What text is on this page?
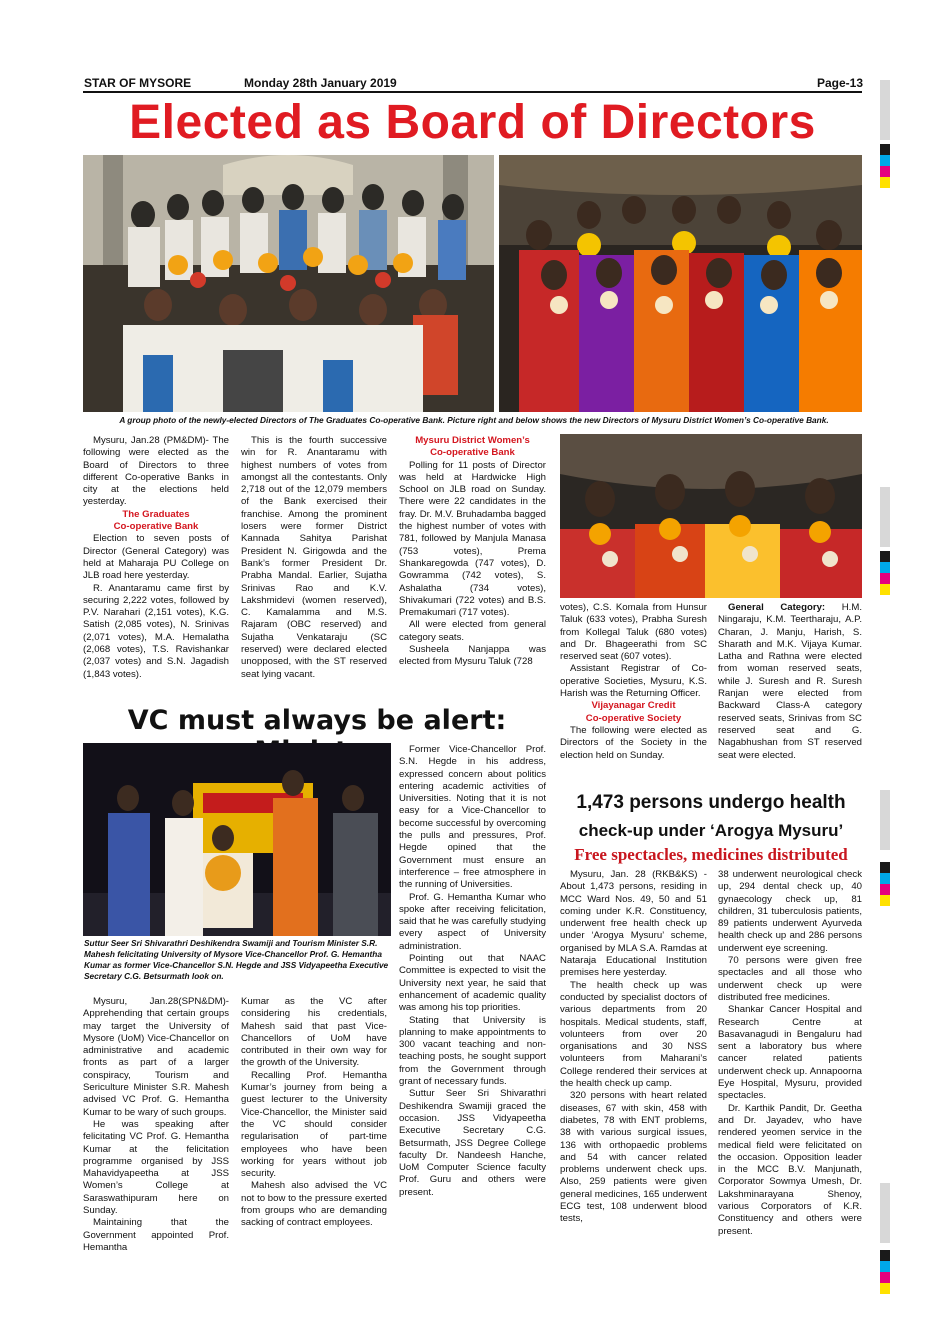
STAR OF MYSORE	Monday 28th January 2019	Page-13
Elected as Board of Directors
A group photo of the newly-elected Directors of The Graduates Co-operative Bank. Picture right and below shows the new Directors of Mysuru District Women’s Co-operative Bank.

Mysuru, Jan.28 (PM&DM)- The following were elected as the Board of Directors to three different Co-operative Banks in city at the elections held yesterday.

The Graduates

Co-operative Bank

Election to seven posts of Director (General Category) was held at Maharaja PU College on JLB road here yesterday.

R. Anantaramu came first by securing 2,222 votes, followed by P.V. Narahari (2,151 votes), K.G. Satish (2,085 votes), N. Srinivas (2,071 votes), M.A. Hemalatha (2,068 votes), T.S. Ravishankar (2,037 votes) and S.N. Jagadish (1,843 votes).

This is the fourth successive win for R. Anantaramu with highest numbers of votes from amongst all the contestants. Only 2,718 out of the 12,079 members of the Bank exercised their franchise. Among the prominent losers were former District Kannada Sahitya Parishat President N. Girigowda and the Bank’s former President Dr. Prabha Mandal. Earlier, Sujatha Srinivas Rao and K.V. Lakshmidevi (women reserved), C. Kamalamma and M.S. Rajaram (OBC reserved) and Sujatha Venkataraju (SC reserved) were declared elected unopposed, with the ST reserved seat lying vacant.

Mysuru District Women’s

Co-operative Bank

Polling for 11 posts of Director was held at Hardwicke High School on JLB road on Sunday. There were 22 candidates in the fray. Dr. M.V. Bruhadamba bagged the highest number of votes with 781, followed by Manjula Manasa (753 votes), Prema Shankaregowda (747 votes), D. Gowramma (742 votes), S. Ashalatha (734 votes), Shivakumari (722 votes) and B.S. Premakumari (717 votes).

All were elected from general category seats.

Susheela Nanjappa was elected from Mysuru Taluk (728

votes), C.S. Komala from Hunsur Taluk (633 votes), Prabha Suresh from Kollegal Taluk (680 votes) and Dr. Bhageerathi from SC reserved seat (607 votes).

Assistant Registrar of Co-operative Societies, Mysuru, K.S. Harish was the Returning Officer.

Vijayanagar Credit

Co-operative Society

The following were elected as Directors of the Society in the election held on Sunday.

General Category: H.M. Ningaraju, K.M. Teertharaju, A.P. Charan, J. Manju, Harish, S. Sharath and M.K. Vijaya Kumar. Latha and Rathna were elected from woman reserved seats, while J. Suresh and R. Suresh Ranjan were elected from Backward Class-A category reserved seats, Srinivas from SC reserved seat and G. Nagabhushan from ST reserved seat were elected.

VC must always be alert:
Suttur Seer Sri Shivarathri Deshikendra Swamiji and Tourism Minister S.R. Mahesh felicitating University of Mysore Vice-Chancellor Prof. G. Hemantha Kumar as former Vice-Chancellor S.N. Hegde and JSS Vidyapeetha Executive Secretary C.G. Betsurmath look on.

Mysuru, Jan.28(SPN&DM)- Apprehending that certain groups may target the University of Mysore (UoM) Vice-Chancellor on administrative and academic fronts as part of a larger conspiracy, Tourism and Sericulture Minister S.R. Mahesh advised VC Prof. G. Hemantha Kumar to be wary of such groups.

He was speaking after felicitating VC Prof. G. Hemantha Kumar at the felicitation programme organised by JSS Mahavidyapeetha at JSS Women’s College at Saraswathipuram here on Sunday.

Maintaining that the Government appointed Prof. Hemantha

Kumar as the VC after considering his credentials, Mahesh said that past Vice-Chancellors of UoM have contributed in their own way for the growth of the University.

Recalling Prof. Hemantha Kumar’s journey from being a guest lecturer to the University Vice-Chancellor, the Minister said the VC should consider regularisation of part-time employees who have been working for years without job security.

Mahesh also advised the VC not to bow to the pressure exerted from groups who are demanding sacking of contract employees.

Former Vice-Chancellor Prof. S.N. Hegde in his address, expressed concern about politics entering academic activities of Universities. Noting that it is not easy for a Vice-Chancellor to become successful by overcoming the pulls and pressures, Prof. Hegde opined that the Government must ensure an interference – free atmosphere in the running of Universities.

Prof. G. Hemantha Kumar who spoke after receiving felicitation, said that he was carefully studying every aspect of University administration.

Pointing out that NAAC Committee is expected to visit the University next year, he said that enhancement of academic quality was among his top priorities.

Stating that University is planning to make appointments to 300 vacant teaching and non-teaching posts, he sought support from the Government through grant of necessary funds.

Suttur Seer Sri Shivarathri Deshikendra Swamiji graced the occasion. JSS Vidyapeetha Executive Secretary C.G. Betsurmath, JSS Degree College faculty Dr. Nandeesh Hanche, UoM Computer Science faculty Prof. Guru and others were present.

1,473 persons undergo health
check-up under ‘Arogya Mysuru’
Free spectacles, medicines distributed

Mysuru, Jan. 28 (RKB&KS) - About 1,473 persons, residing in MCC Ward Nos. 49, 50 and 51 coming under K.R. Constituency, underwent free health check up under ‘Arogya Mysuru’ scheme, organised by MLA S.A. Ramdas at Nataraja Educational Institution premises here yesterday.

The health check up was conducted by specialist doctors of various departments from 20 hospitals. Medical students, staff, volunteers from over 20 organisations and 30 NSS volunteers from Maharani’s College rendered their services at the health check up camp.

320 persons with heart related diseases, 67 with skin, 458 with diabetes, 78 with ENT problems, 38 with various surgical issues, 136 with orthopaedic problems and 54 with cancer related problems underwent check ups. Also, 259 patients were given general medicines, 165 underwent ECG test, 108 underwent blood tests,

38 underwent neurological check up, 294 dental check up, 40 gynaecology check up, 81 children, 31 tuberculosis patients, 89 patients underwent Ayurveda health check up and 286 persons underwent eye screening.

70 persons were given free spectacles and all those who underwent check up were distributed free medicines.

Shankar Cancer Hospital and Research Centre at Basavanagudi in Bengaluru had sent a laboratory bus where cancer related patients underwent check up. Annapoorna Eye Hospital, Mysuru, provided spectacles.

Dr. Karthik Pandit, Dr. Geetha and Dr. Jayadev, who have rendered yeomen service in the medical field were felicitated on the occasion. Opposition leader in the MCC B.V. Manjunath, Corporator Sowmya Umesh, Dr. Lakshminarayana Shenoy, various Corporators of K.R. Constituency and others were present.
